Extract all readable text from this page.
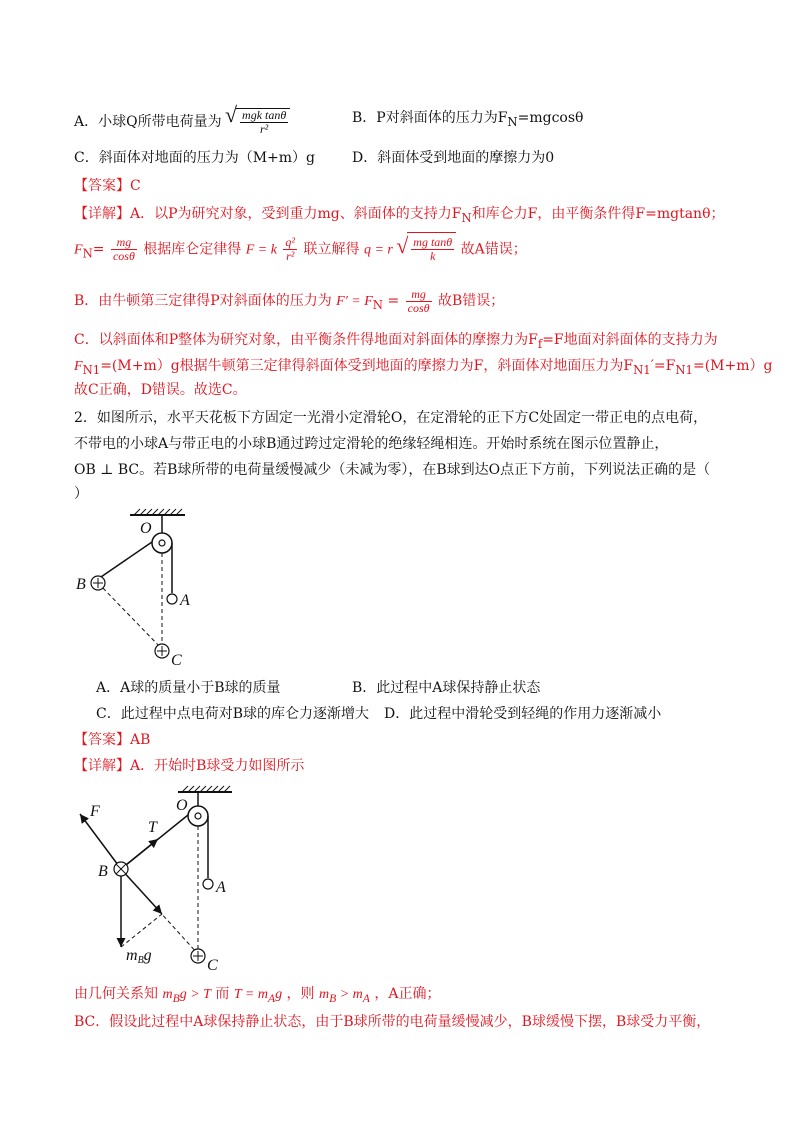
A．小球Q所带电荷量为 √ $\frac{\text{mgk tanθ}}{\text{r²}}$	B．P对斜面体的压力为$F_N=mgcos\theta$
C．斜面体对地面的压力为（M+m）g	D．斜面体受到地面的摩擦力为0
【答案】C
【详解】A．以P为研究对象，受到重力mg、斜面体的支持力$F_N$和库仑力F，由平衡条件得F=mgtanθ；
$F_N= \frac{mg}{\cos\theta}$ 根据库仑定律得 F = k $\frac{\text{q²}}{\text{r²}}$ 联立解得 q = r √ $\frac{\text{mg tanθ}}{k}$ 故A错误；
B．由牛顿第三定律得P对斜面体的压力为 $F' = F_N = \frac{mg}{\cos\theta}$ 故B错误；
C．以斜面体和P整体为研究对象，由平衡条件得地面对斜面体的摩擦力为$F_f=F$地面对斜面体的支持力为
$F_{N1}=(M+m)g$根据牛顿第三定律得斜面体受到地面的摩擦力为F，斜面体对地面压力为$F_{N1}'=F_{N1}=(M+m)g$
故C正确，D错误。故选C。
2．如图所示，水平天花板下方固定一光滑小定滑轮O，在定滑轮的正下方C处固定一带正电的点电荷，
不带电的小球A与带正电的小球B通过跨过定滑轮的绝缘轻绳相连。开始时系统在图示位置静止，
OB ⊥ BC。若B球所带的电荷量缓慢减少（未减为零），在B球到达O点正下方前，下列说法正确的是（
）
O
A
B
C
A．A球的质量小于B球的质量	B．此过程中A球保持静止状态
C．此过程中点电荷对B球的库仑力逐渐增大 D．此过程中滑轮受到轻绳的作用力逐渐减小
【答案】AB
【详解】A．开始时B球受力如图所示
O
A
B
C
F
T
mBg
由几何关系知 $m_Bg > T$ 而 $T = m_Ag$ ，则 $m_B > m_A$ ，A正确；
BC．假设此过程中A球保持静止状态，由于B球所带的电荷量缓慢减少，B球缓慢下摆，B球受力平衡，
